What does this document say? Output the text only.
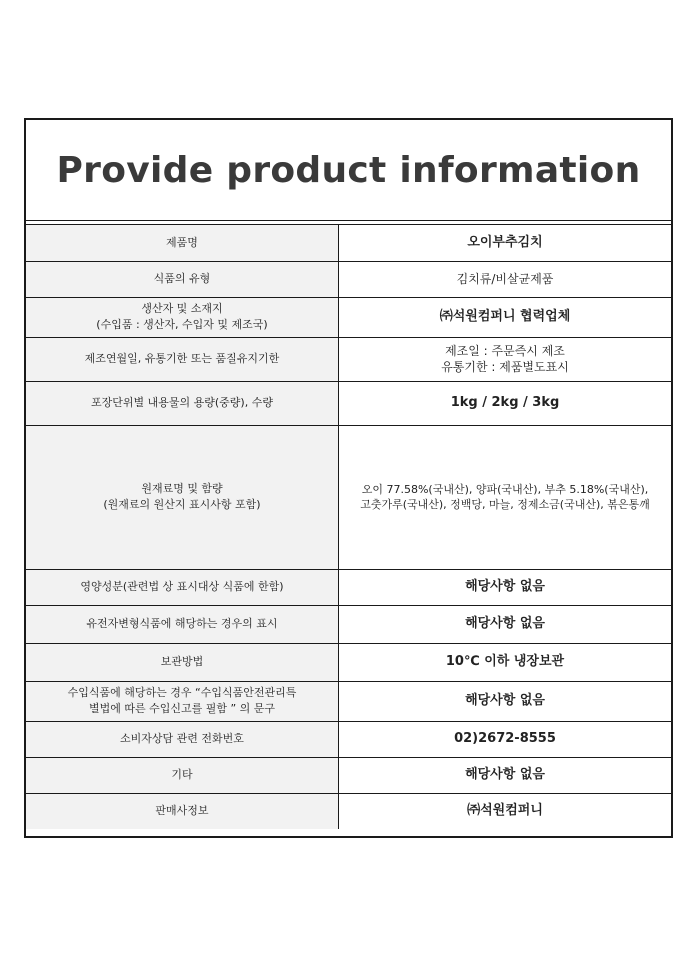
Provide product information
제품명	오이부추김치

식품의 유형	김치류/비살균제품

생산자 및 소재지
(수입품 : 생산자, 수입자 및 제조국)	㈜석원컴퍼니 협력업체

제조연월일, 유통기한 또는 품질유지기한	제조일 : 주문즉시 제조
유통기한 : 제품별도표시

포장단위별 내용물의 용량(중량), 수량	1kg / 2kg / 3kg

원재료명 및 함량
(원재료의 원산지 표시사항 포함)	오이 77.58%(국내산), 양파(국내산), 부추 5.18%(국내산),
고춧가루(국내산), 정백당, 마늘, 정제소금(국내산), 볶은통깨

영양성분(관련법 상 표시대상 식품에 한함)	해당사항 없음

유전자변형식품에 해당하는 경우의 표시	해당사항 없음

보관방법	10℃ 이하 냉장보관

수입식품에 해당하는 경우 “수입식품안전관리특
별법에 따른 수입신고를 필함 ” 의 문구	해당사항 없음

소비자상담 관련 전화번호	02)2672-8555

기타	해당사항 없음

판매사정보	㈜석원컴퍼니
